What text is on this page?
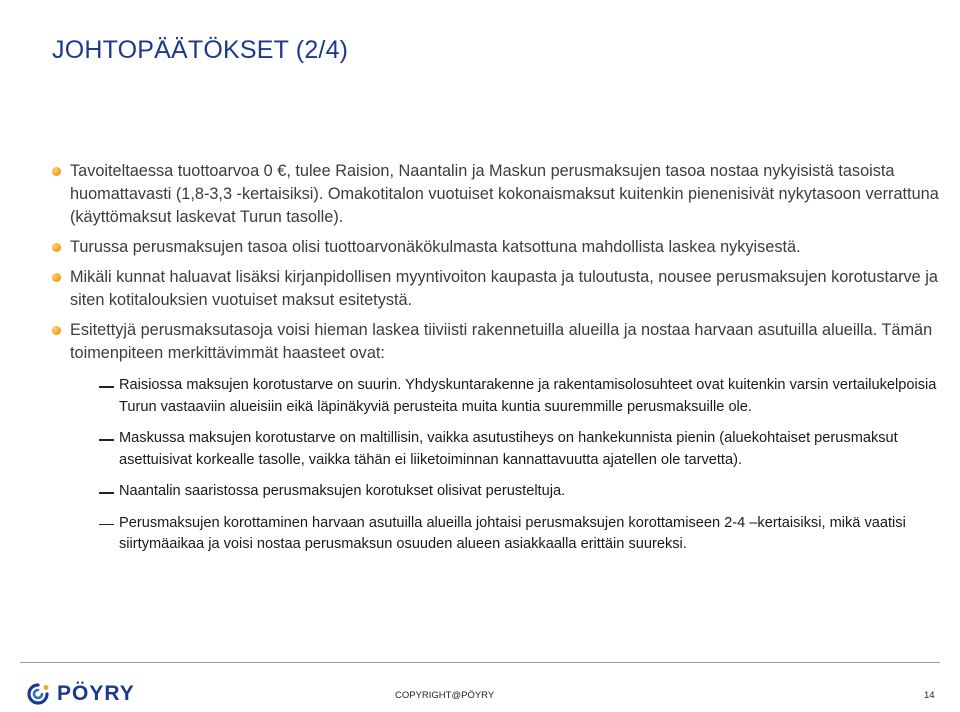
JOHTOPÄÄTÖKSET (2/4)
Tavoiteltaessa tuottoarvoa 0 €, tulee Raision, Naantalin ja Maskun perusmaksujen tasoa nostaa nykyisistä tasoista huomattavasti (1,8-3,3 -kertaisiksi). Omakotitalon vuotuiset kokonaismaksut kuitenkin pienenisivät nykytasoon verrattuna (käyttömaksut laskevat Turun tasolle).
Turussa perusmaksujen tasoa olisi tuottoarvonäkökulmasta katsottuna mahdollista laskea nykyisestä.
Mikäli kunnat haluavat lisäksi kirjanpidollisen myyntivoiton kaupasta ja tuloutusta, nousee perusmaksujen korotustarve ja siten kotitalouksien vuotuiset maksut esitetystä.
Esitettyjä perusmaksutasoja voisi hieman laskea tiiviisti rakennetuilla alueilla ja nostaa harvaan asutuilla alueilla. Tämän toimenpiteen merkittävimmät haasteet ovat:
Raisiossa maksujen korotustarve on suurin. Yhdyskuntarakenne ja rakentamisolosuhteet ovat kuitenkin varsin vertailukelpoisia Turun vastaaviin alueisiin eikä läpinäkyviä perusteita muita kuntia suuremmille perusmaksuille ole.
Maskussa maksujen korotustarve on maltillisin, vaikka asutustiheys on hankekunnista pienin (aluekohtaiset perusmaksut asettuisivat korkealle tasolle, vaikka tähän ei liiketoiminnan kannattavuutta ajatellen ole tarvetta).
Naantalin saaristossa perusmaksujen korotukset olisivat perusteltuja.
Perusmaksujen korottaminen harvaan asutuilla alueilla johtaisi perusmaksujen korottamiseen 2-4 –kertaisiksi, mikä vaatisi siirtymäaikaa ja voisi nostaa perusmaksun osuuden alueen asiakkaalla erittäin suureksi.
PÖYRY	COPYRIGHT@PÖYRY	14
